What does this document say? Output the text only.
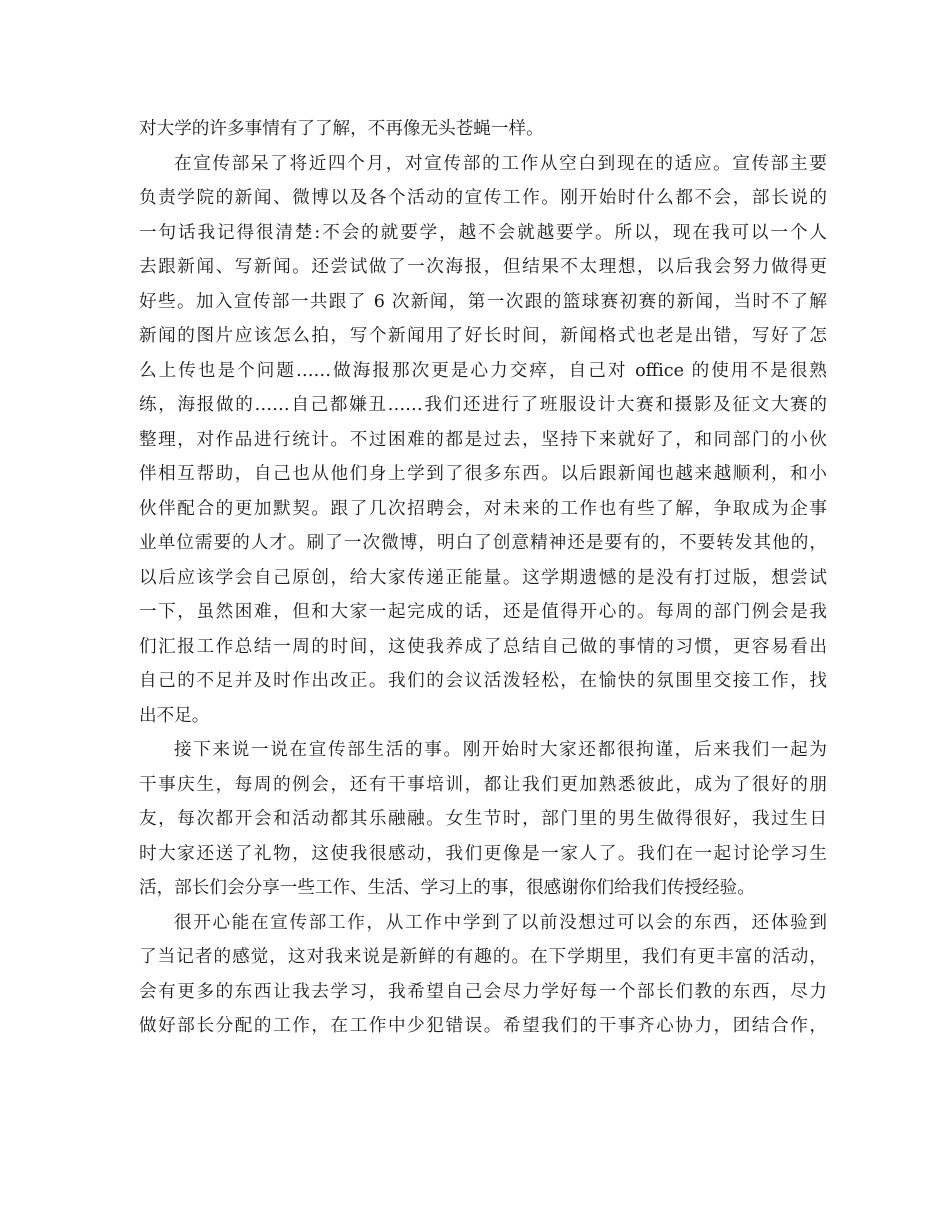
对大学的许多事情有了了解，不再像无头苍蝇一样。
在宣传部呆了将近四个月，对宣传部的工作从空白到现在的适应。宣传部主要
负责学院的新闻、微博以及各个活动的宣传工作。刚开始时什么都不会，部长说的
一句话我记得很清楚:不会的就要学，越不会就越要学。所以，现在我可以一个人
去跟新闻、写新闻。还尝试做了一次海报，但结果不太理想，以后我会努力做得更
好些。加入宣传部一共跟了 6 次新闻，第一次跟的篮球赛初赛的新闻，当时不了解
新闻的图片应该怎么拍，写个新闻用了好长时间，新闻格式也老是出错，写好了怎
么上传也是个问题……做海报那次更是心力交瘁，自己对 office 的使用不是很熟
练，海报做的……自己都嫌丑……我们还进行了班服设计大赛和摄影及征文大赛的
整理，对作品进行统计。不过困难的都是过去，坚持下来就好了，和同部门的小伙
伴相互帮助，自己也从他们身上学到了很多东西。以后跟新闻也越来越顺利，和小
伙伴配合的更加默契。跟了几次招聘会，对未来的工作也有些了解，争取成为企事
业单位需要的人才。刷了一次微博，明白了创意精神还是要有的，不要转发其他的，
以后应该学会自己原创，给大家传递正能量。这学期遗憾的是没有打过版，想尝试
一下，虽然困难，但和大家一起完成的话，还是值得开心的。每周的部门例会是我
们汇报工作总结一周的时间，这使我养成了总结自己做的事情的习惯，更容易看出
自己的不足并及时作出改正。我们的会议活泼轻松，在愉快的氛围里交接工作，找
出不足。
接下来说一说在宣传部生活的事。刚开始时大家还都很拘谨，后来我们一起为
干事庆生，每周的例会，还有干事培训，都让我们更加熟悉彼此，成为了很好的朋
友，每次都开会和活动都其乐融融。女生节时，部门里的男生做得很好，我过生日
时大家还送了礼物，这使我很感动，我们更像是一家人了。我们在一起讨论学习生
活，部长们会分享一些工作、生活、学习上的事，很感谢你们给我们传授经验。
很开心能在宣传部工作，从工作中学到了以前没想过可以会的东西，还体验到
了当记者的感觉，这对我来说是新鲜的有趣的。在下学期里，我们有更丰富的活动，
会有更多的东西让我去学习，我希望自己会尽力学好每一个部长们教的东西，尽力
做好部长分配的工作，在工作中少犯错误。希望我们的干事齐心协力，团结合作，
